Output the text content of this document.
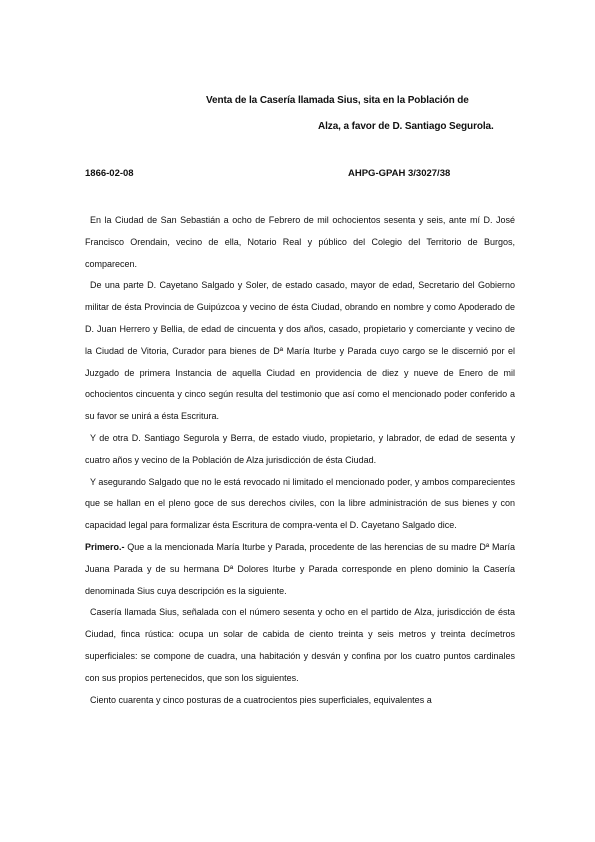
Venta de la Casería llamada Sius, sita en la Población de
Alza, a favor de D. Santiago Segurola.
1866-02-08	AHPG-GPAH 3/3027/38

En la Ciudad de San Sebastián a ocho de Febrero de mil ochocientos sesenta y seis, ante mí D. José Francisco Orendain, vecino de ella, Notario Real y público del Colegio del Territorio de Burgos, comparecen.

De una parte D. Cayetano Salgado y Soler, de estado casado, mayor de edad, Secretario del Gobierno militar de ésta Provincia de Guipúzcoa y vecino de ésta Ciudad, obrando en nombre y como Apoderado de D. Juan Herrero y Bellia, de edad de cincuenta y dos años, casado, propietario y comerciante y vecino de la Ciudad de Vitoria, Curador para bienes de Dª María Iturbe y Parada cuyo cargo se le discernió por el Juzgado de primera Instancia de aquella Ciudad en providencia de diez y nueve de Enero de mil ochocientos cincuenta y cinco según resulta del testimonio que así como el mencionado poder conferido a su favor se unirá a ésta Escritura.

Y de otra D. Santiago Segurola y Berra, de estado viudo, propietario, y labrador, de edad de sesenta y cuatro años y vecino de la Población de Alza jurisdicción de ésta Ciudad.

Y asegurando Salgado que no le está revocado ni limitado el mencionado poder, y ambos comparecientes que se hallan en el pleno goce de sus derechos civiles, con la libre administración de sus bienes y con capacidad legal para formalizar ésta Escritura de compra-venta el D. Cayetano Salgado dice.

Primero.- Que a la mencionada María Iturbe y Parada, procedente de las herencias de su madre Dª María Juana Parada y de su hermana Dª Dolores Iturbe y Parada corresponde en pleno dominio la Casería denominada Sius cuya descripción es la siguiente.

Casería llamada Sius, señalada con el número sesenta y ocho en el partido de Alza, jurisdicción de ésta Ciudad, finca rústica: ocupa un solar de cabida de ciento treinta y seis metros y treinta decímetros superficiales: se compone de cuadra, una habitación y desván y confina por los cuatro puntos cardinales con sus propios pertenecidos, que son los siguientes.

Ciento cuarenta y cinco posturas de a cuatrocientos pies superficiales, equivalentes a
